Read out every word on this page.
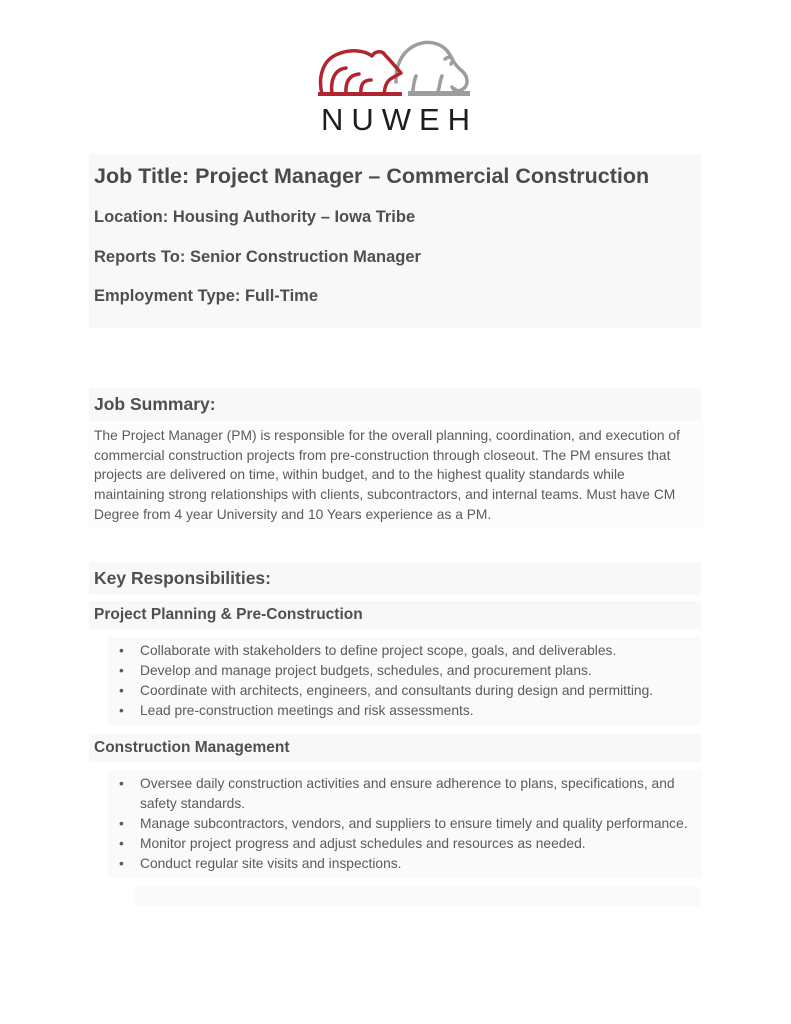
NUWEH
Job Title: Project Manager – Commercial Construction
Location: Housing Authority – Iowa Tribe
Reports To: Senior Construction Manager
Employment Type: Full-Time
Job Summary:

The Project Manager (PM) is responsible for the overall planning, coordination, and execution of commercial construction projects from pre-construction through closeout. The PM ensures that projects are delivered on time, within budget, and to the highest quality standards while maintaining strong relationships with clients, subcontractors, and internal teams. Must have CM Degree from 4 year University and 10 Years experience as a PM.

Key Responsibilities:
Project Planning & Pre-Construction
• Collaborate with stakeholders to define project scope, goals, and deliverables.
• Develop and manage project budgets, schedules, and procurement plans.
• Coordinate with architects, engineers, and consultants during design and permitting.
• Lead pre-construction meetings and risk assessments.
Construction Management
• Oversee daily construction activities and ensure adherence to plans, specifications, and safety standards.
• Manage subcontractors, vendors, and suppliers to ensure timely and quality performance.
• Monitor project progress and adjust schedules and resources as needed.
• Conduct regular site visits and inspections.
